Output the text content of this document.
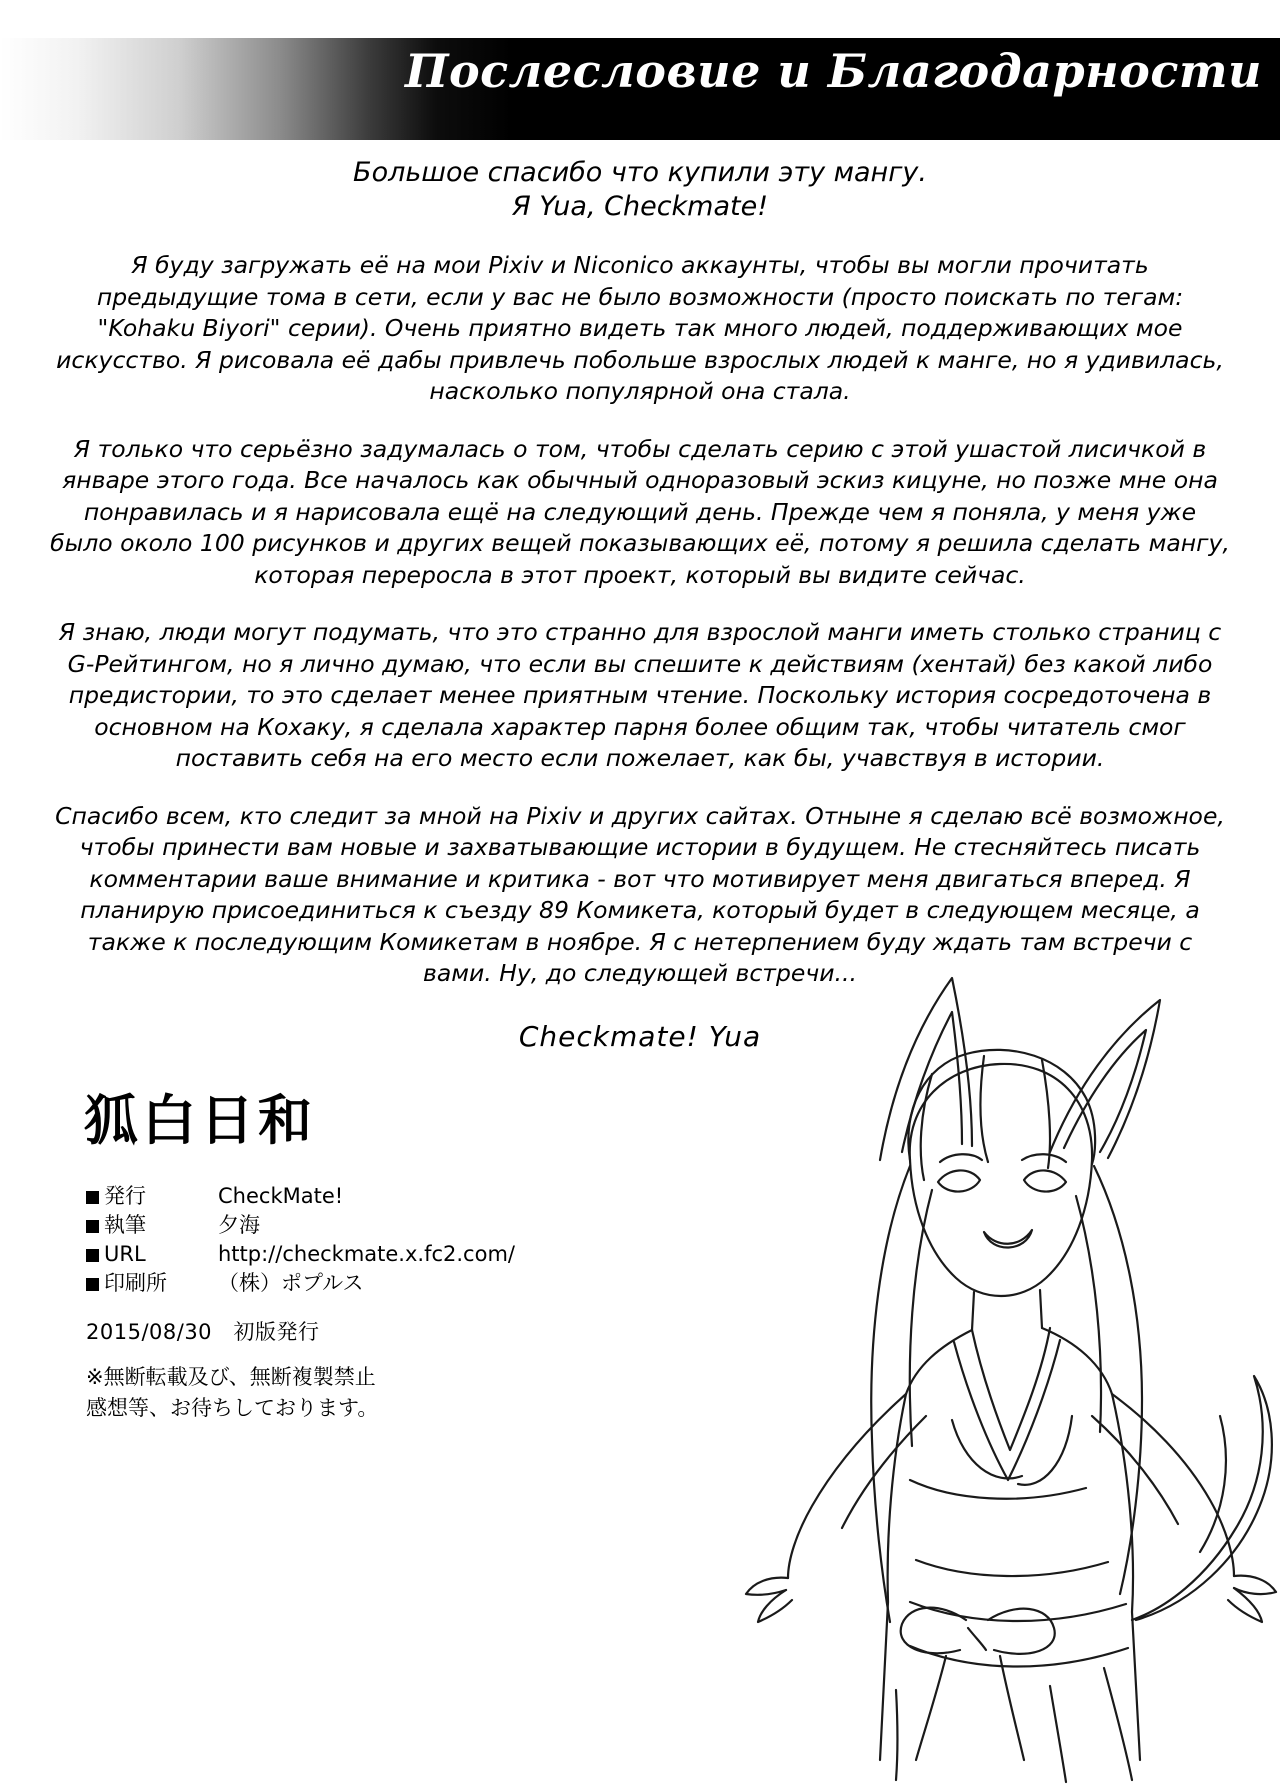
Послесловие и Благодарности
Большое спасибо что купили эту мангу.
Я Yua, Checkmate!

Я буду загружать её на мои Pixiv и Niconico аккаунты, чтобы вы могли прочитать предыдущие тома в сети, если у вас не было возможности (просто поискать по тегам: "Kohaku Biyori" серии). Очень приятно видеть так много людей, поддерживающих мое искусство. Я рисовала её дабы привлечь побольше взрослых людей к манге, но я удивилась, насколько популярной она стала.

Я только что серьёзно задумалась о том, чтобы сделать серию с этой ушастой лисичкой в январе этого года. Все началось как обычный одноразовый эскиз кицуне, но позже мне она понравилась и я нарисовала ещё на следующий день. Прежде чем я поняла, у меня уже было около 100 рисунков и других вещей показывающих её, потому я решила сделать мангу, которая переросла в этот проект, который вы видите сейчас.

Я знаю, люди могут подумать, что это странно для взрослой манги иметь столько страниц с G-Рейтингом, но я лично думаю, что если вы спешите к действиям (хентай) без какой либо предистории, то это сделает менее приятным чтение. Поскольку история сосредоточена в основном на Кохаку, я сделала характер парня более общим так, чтобы читатель смог поставить себя на его место если пожелает, как бы, учавствуя в истории.

Спасибо всем, кто следит за мной на Pixiv и других сайтах. Отныне я сделаю всё возможное, чтобы принести вам новые и захватывающие истории в будущем. Не стесняйтесь писать комментарии ваше внимание и критика - вот что мотивирует меня двигаться вперед. Я планирую присоединиться к съезду 89 Комикета, который будет в следующем месяце, а также к последующим Комикетам в ноябре. Я с нетерпением буду ждать там встречи с вами. Ну, до следующей встречи...

Checkmate! Yua
狐白日和
発行	CheckMate!
執筆	夕海
URL	http://checkmate.x.fc2.com/
印刷所	（株）ポプルス
2015/08/30　初版発行
※無断転載及び、無断複製禁止
感想等、お待ちしております。
